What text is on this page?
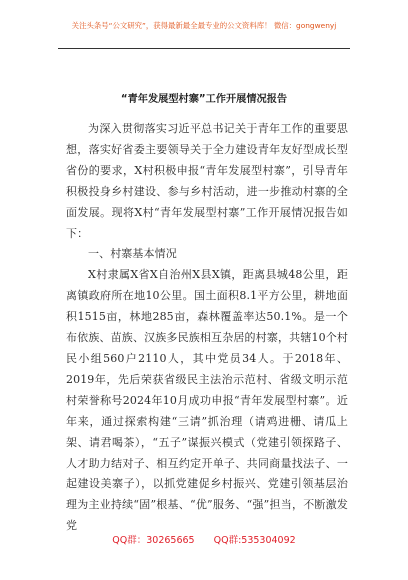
关注头条号“公文研究”，获得最新最全最专业的公文资料库！ 微信：gongwenyj
“青年发展型村寨”工作开展情况报告

为深入贯彻落实习近平总书记关于青年工作的重要思想，落实好省委主要领导关于全力建设青年友好型成长型省份的要求，X村积极申报“青年发展型村寨”，引导青年积极投身乡村建设、参与乡村活动，进一步推动村寨的全面发展。现将X村“青年发展型村寨”工作开展情况报告如下：

一、村寨基本情况

X村隶属X省X自治州X县X镇，距离县城48公里，距离镇政府所在地10公里。国土面积8.1平方公里，耕地面积1515亩，林地285亩，森林覆盖率达50.1%。是一个布依族、苗族、汉族多民族相互杂居的村寨，共辖10个村民小组560户2110人，其中党员34人。于2018年、2019年，先后荣获省级民主法治示范村、省级文明示范村荣誉称号2024年10月成功申报“青年发展型村寨”。近年来，通过探索构建“三请”抓治理（请鸡进栅、请瓜上架、请君喝茶），“五子”谋振兴模式（党建引领探路子、人才助力结对子、相互约定开单子、共同商量找法子、一起建设美寨子），以抓党建促乡村振兴、党建引领基层治理为主业持续“固”根基、“优”服务、“强”担当，不断激发党

QQ群：30265665 QQ群:535304092
